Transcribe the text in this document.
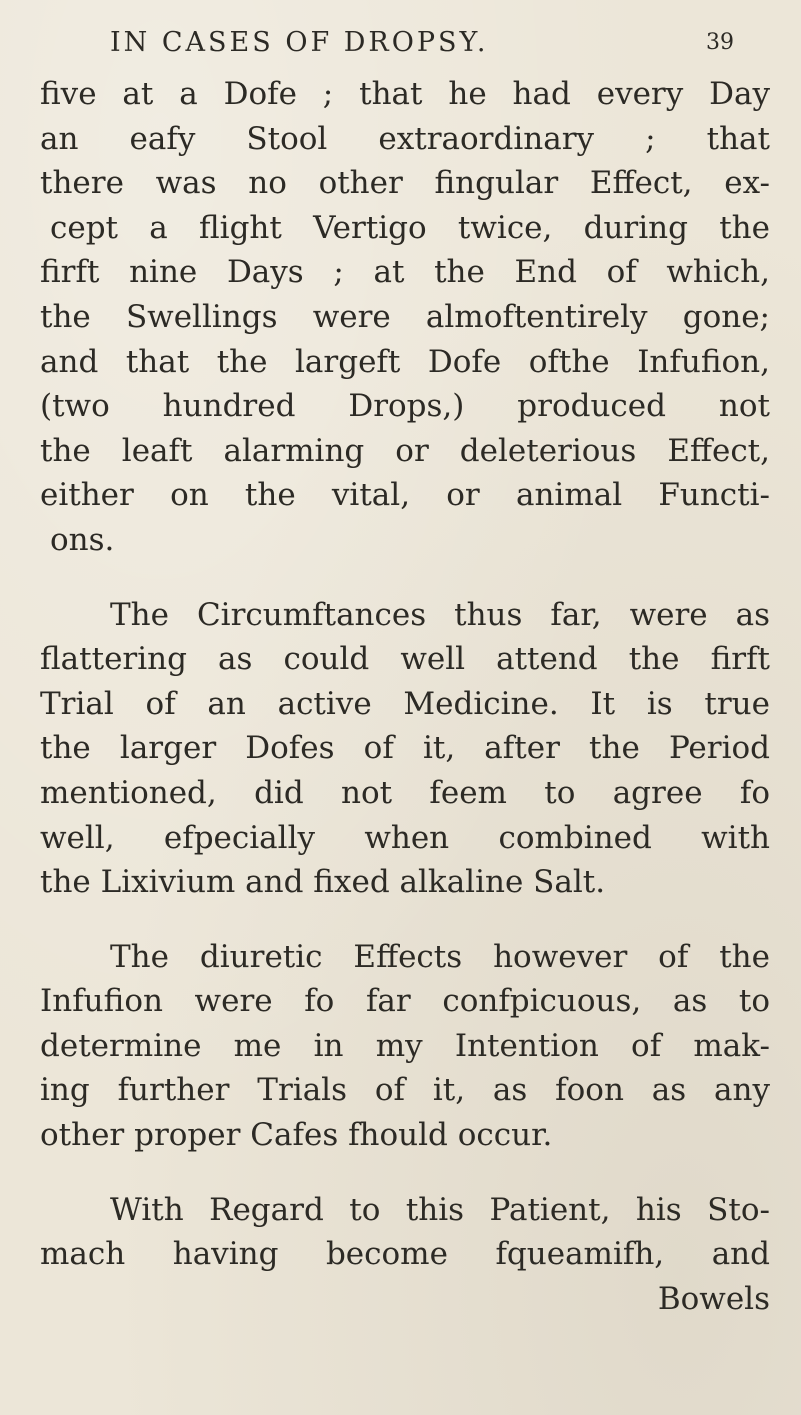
IN CASES OF DROPSY.	39
five at a Dofe ; that he had every Day
an eafy Stool extraordinary ; that
there was no other fingular Effect, ex-
cept a flight Vertigo twice, during the
firft nine Days ; at the End of which,
the Swellings were almoftentirely gone;
and that the largeft Dofe ofthe Infufion,
(two hundred Drops,) produced not
the leaft alarming or deleterious Effect,
either on the vital, or animal Functi-
ons.
The Circumftances thus far, were as
flattering as could well attend the firft
Trial of an active Medicine. It is true
the larger Dofes of it, after the Period
mentioned, did not feem to agree fo
well, efpecially when combined with
the Lixivium and fixed alkaline Salt.
The diuretic Effects however of the
Infufion were fo far confpicuous, as to
determine me in my Intention of mak-
ing further Trials of it, as foon as any
other proper Cafes fhould occur.
With Regard to this Patient, his Sto-
mach having become fqueamifh, and
Bowels
